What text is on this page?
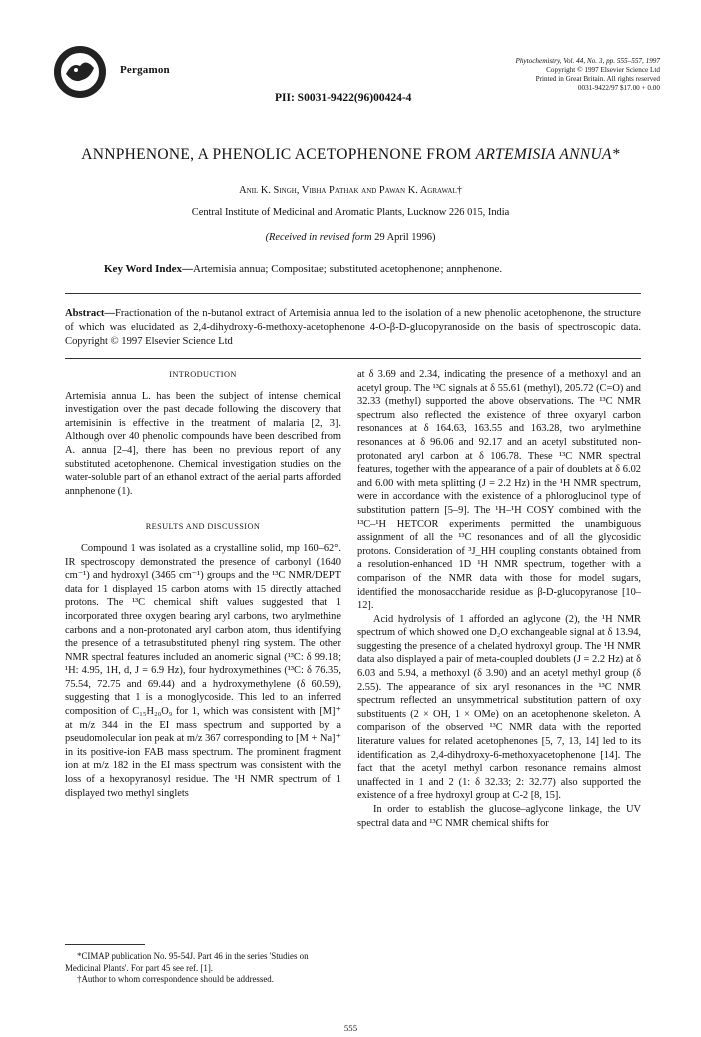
Pergamon
Phytochemistry, Vol. 44, No. 3, pp. 555–557, 1997
Copyright © 1997 Elsevier Science Ltd
Printed in Great Britain. All rights reserved
0031-9422/97 $17.00 + 0.00
PII: S0031-9422(96)00424-4
ANNPHENONE, A PHENOLIC ACETOPHENONE FROM ARTEMISIA ANNUA*
Anil K. Singh, Vibha Pathak and Pawan K. Agrawal†
Central Institute of Medicinal and Aromatic Plants, Lucknow 226 015, India
(Received in revised form 29 April 1996)
Key Word Index—Artemisia annua; Compositae; substituted acetophenone; annphenone.
Abstract—Fractionation of the n-butanol extract of Artemisia annua led to the isolation of a new phenolic acetophenone, the structure of which was elucidated as 2,4-dihydroxy-6-methoxy-acetophenone 4-O-β-D-glucopyranoside on the basis of spectroscopic data. Copyright © 1997 Elsevier Science Ltd
INTRODUCTION

Artemisia annua L. has been the subject of intense chemical investigation over the past decade following the discovery that artemisinin is effective in the treatment of malaria [2, 3]. Although over 40 phenolic compounds have been described from A. annua [2–4], there has been no previous report of any substituted acetophenone. Chemical investigation studies on the water-soluble part of an ethanol extract of the aerial parts afforded annphenone (1).

RESULTS AND DISCUSSION

Compound 1 was isolated as a crystalline solid, mp 160–62°. IR spectroscopy demonstrated the presence of carbonyl (1640 cm⁻¹) and hydroxyl (3465 cm⁻¹) groups and the ¹³C NMR/DEPT data for 1 displayed 15 carbon atoms with 15 directly attached protons. The ¹³C chemical shift values suggested that 1 incorporated three oxygen bearing aryl carbons, two arylmethine carbons and a non-protonated aryl carbon atom, thus identifying the presence of a tetrasubstituted phenyl ring system. The other NMR spectral features included an anomeric signal (¹³C: δ 99.18; ¹H: 4.95, 1H, d, J = 6.9 Hz), four hydroxymethines (¹³C: δ 76.35, 75.54, 72.75 and 69.44) and a hydroxymethylene (δ 60.59), suggesting that 1 is a monoglycoside. This led to an inferred composition of C₁₅H₂₀O₉ for 1, which was consistent with [M]⁺ at m/z 344 in the EI mass spectrum and supported by a pseudomolecular ion peak at m/z 367 corresponding to [M + Na]⁺ in its positive-ion FAB mass spectrum. The prominent fragment ion at m/z 182 in the EI mass spectrum was consistent with the loss of a hexopyranosyl residue. The ¹H NMR spectrum of 1 displayed two methyl singlets

at δ 3.69 and 2.34, indicating the presence of a methoxyl and an acetyl group. The ¹³C signals at δ 55.61 (methyl), 205.72 (C=O) and 32.33 (methyl) supported the above observations. The ¹³C NMR spectrum also reflected the existence of three oxyaryl carbon resonances at δ 164.63, 163.55 and 163.28, two arylmethine resonances at δ 96.06 and 92.17 and an acetyl substituted non-protonated aryl carbon at δ 106.78. These ¹³C NMR spectral features, together with the appearance of a pair of doublets at δ 6.02 and 6.00 with meta splitting (J = 2.2 Hz) in the ¹H NMR spectrum, were in accordance with the existence of a phloroglucinol type of substitution pattern [5–9]. The ¹H–¹H COSY combined with the ¹³C–¹H HETCOR experiments permitted the unambiguous assignment of all the ¹³C resonances and of all the glycosidic protons. Consideration of ³J_HH coupling constants obtained from a resolution-enhanced 1D ¹H NMR spectrum, together with a comparison of the NMR data with those for model sugars, identified the monosaccharide residue as β-D-glucopyranose [10–12].

Acid hydrolysis of 1 afforded an aglycone (2), the ¹H NMR spectrum of which showed one D₂O exchangeable signal at δ 13.94, suggesting the presence of a chelated hydroxyl group. The ¹H NMR data also displayed a pair of meta-coupled doublets (J = 2.2 Hz) at δ 6.03 and 5.94, a methoxyl (δ 3.90) and an acetyl methyl group (δ 2.55). The appearance of six aryl resonances in the ¹³C NMR spectrum reflected an unsymmetrical substitution pattern of oxy substituents (2 × OH, 1 × OMe) on an acetophenone skeleton. A comparison of the observed ¹³C NMR data with the reported literature values for related acetophenones [5, 7, 13, 14] led to its identification as 2,4-dihydroxy-6-methoxyacetophenone [14]. The fact that the acetyl methyl carbon resonance remains almost unaffected in 1 and 2 (1: δ 32.33; 2: 32.77) also supported the existence of a free hydroxyl group at C-2 [8, 15].

In order to establish the glucose–aglycone linkage, the UV spectral data and ¹³C NMR chemical shifts for

*CIMAP publication No. 95-54J. Part 46 in the series 'Studies on Medicinal Plants'. For part 45 see ref. [1].
†Author to whom correspondence should be addressed.
555
